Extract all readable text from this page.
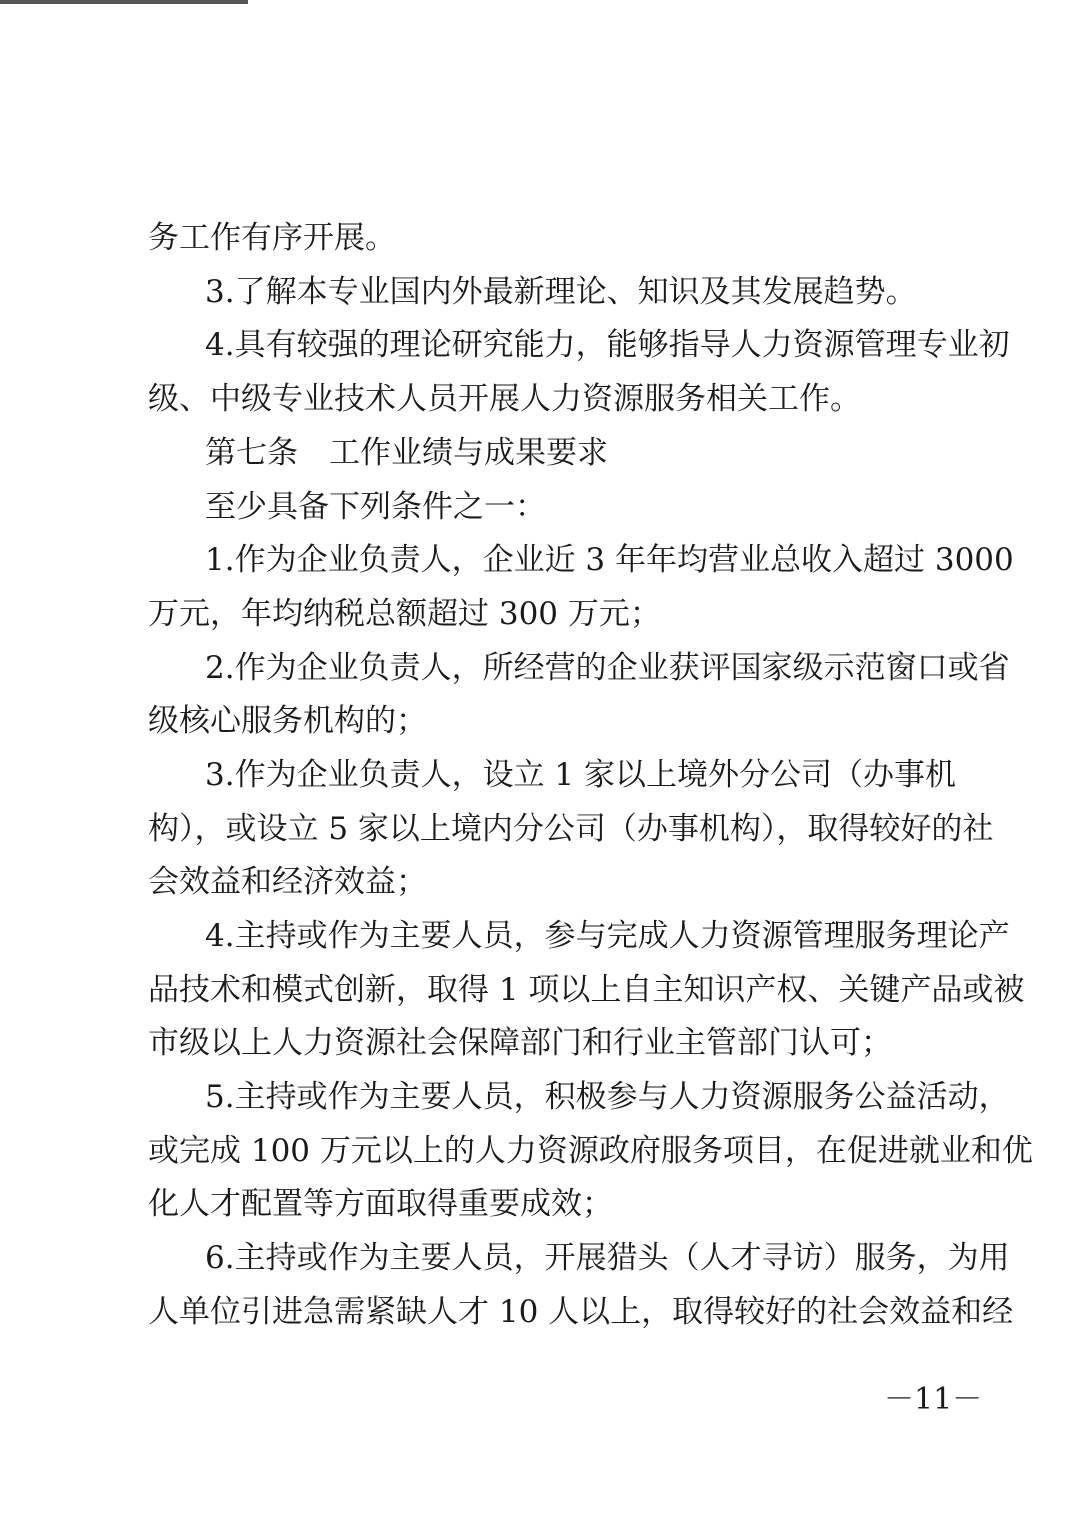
务工作有序开展。
3.了解本专业国内外最新理论、知识及其发展趋势。
4.具有较强的理论研究能力，能够指导人力资源管理专业初
级、中级专业技术人员开展人力资源服务相关工作。
第七条　工作业绩与成果要求
至少具备下列条件之一：
1.作为企业负责人，企业近 3 年年均营业总收入超过 3000
万元，年均纳税总额超过 300 万元；
2.作为企业负责人，所经营的企业获评国家级示范窗口或省
级核心服务机构的；
3.作为企业负责人，设立 1 家以上境外分公司（办事机
构），或设立 5 家以上境内分公司（办事机构），取得较好的社
会效益和经济效益；
4.主持或作为主要人员，参与完成人力资源管理服务理论产
品技术和模式创新，取得 1 项以上自主知识产权、关键产品或被
市级以上人力资源社会保障部门和行业主管部门认可；
5.主持或作为主要人员，积极参与人力资源服务公益活动，
或完成 100 万元以上的人力资源政府服务项目，在促进就业和优
化人才配置等方面取得重要成效；
6.主持或作为主要人员，开展猎头（人才寻访）服务，为用
人单位引进急需紧缺人才 10 人以上，取得较好的社会效益和经
－11－
